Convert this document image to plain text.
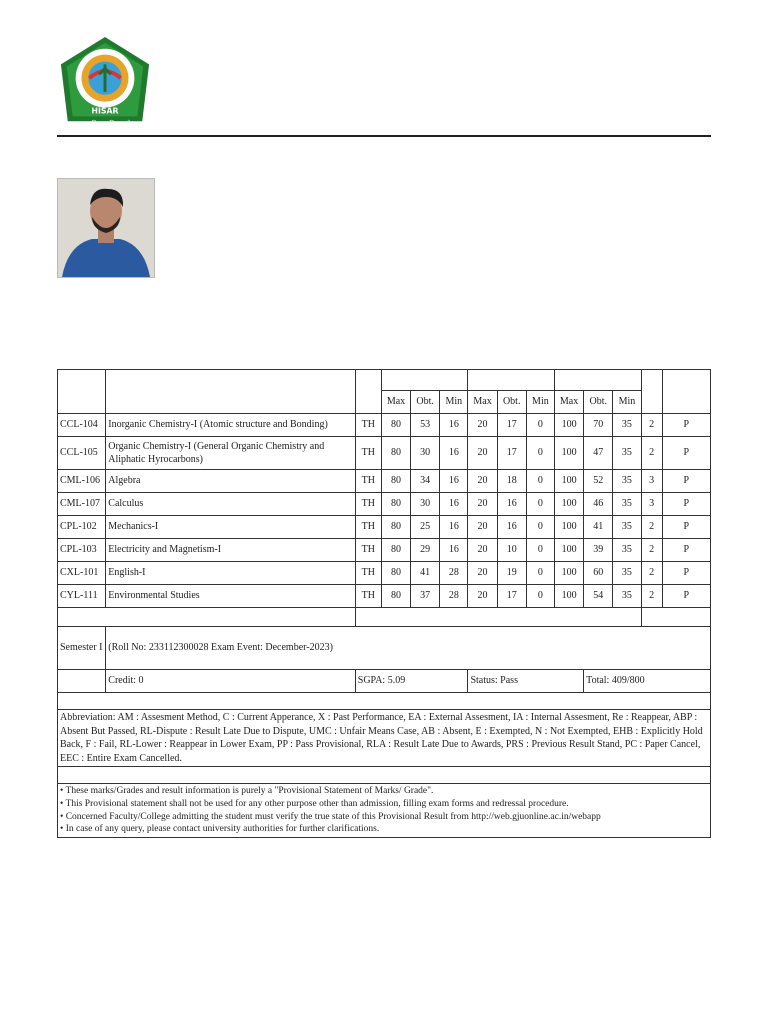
HISAR
ज्ञान विज्ञान विमुक्तये

			Max	Obt.	Min	Max	Obt.	Min	Max	Obt.	Min		
CCL-104	Inorganic Chemistry-I (Atomic structure and Bonding)	TH	80	53	16	20	17	0	100	70	35	2	P
CCL-105	Organic Chemistry-I (General Organic Chemistry and Aliphatic Hyrocarbons)	TH	80	30	16	20	17	0	100	47	35	2	P
CML-106	Algebra	TH	80	34	16	20	18	0	100	52	35	3	P
CML-107	Calculus	TH	80	30	16	20	16	0	100	46	35	3	P
CPL-102	Mechanics-I	TH	80	25	16	20	16	0	100	41	35	2	P
CPL-103	Electricity and Magnetism-I	TH	80	29	16	20	10	0	100	39	35	2	P
CXL-101	English-I	TH	80	41	28	20	19	0	100	60	35	2	P
CYL-111	Environmental Studies	TH	80	37	28	20	17	0	100	54	35	2	P

Semester I	(Roll No: 233112300028 Exam Event: December-2023)												
	Credit: 0	SGPA: 5.09				Status: Pass				Total: 409/800			

Abbreviation: AM : Assesment Method, C : Current Apperance, X : Past Performance, EA : External Assesment, IA : Internal Assesment, Re : Reappear, ABP : Absent But Passed, RL-Dispute : Result Late Due to Dispute, UMC : Unfair Means Case, AB : Absent, E : Exempted, N : Not Exempted, EHB : Explicitly Hold Back, F : Fail, RL-Lower : Reappear in Lower Exam, PP : Pass Provisional, RLA : Result Late Due to Awards, PRS : Previous Result Stand, PC : Paper Cancel, EEC : Entire Exam Cancelled.													

• These marks/Grades and result information is purely a "Provisional Statement of Marks/ Grade".

• This Provisional statement shall not be used for any other purpose other than admission, filling exam forms and redressal procedure.

• Concerned Faculty/College admitting the student must verify the true state of this Provisional Result from http://web.gjuonline.ac.in/webapp

• In case of any query, please contact university authorities for further clarifications.													
